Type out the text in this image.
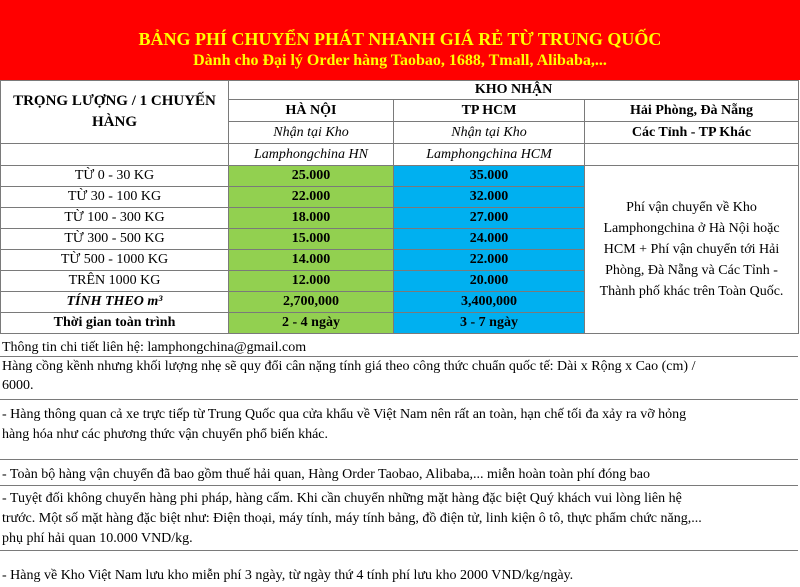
BẢNG PHÍ CHUYỂN PHÁT NHANH GIÁ RẺ TỪ TRUNG QUỐC
Dành cho Đại lý Order hàng Taobao, 1688, Tmall, Alibaba,...
TRỌNG LƯỢNG / 1 CHUYẾN HÀNG	KHO NHẬN		
	HÀ NỘI	TP HCM	Hải Phòng, Đà Nẵng
	Nhận tại Kho	Nhận tại Kho	Các Tỉnh - TP Khác
	Lamphongchina HN	Lamphongchina HCM	
TỪ 0 - 30 KG	25.000	35.000	Phí vận chuyển về Kho Lamphongchina ở Hà Nội hoặc HCM + Phí vận chuyển tới Hải Phòng, Đà Nẵng và Các Tỉnh - Thành phố khác trên Toàn Quốc.
TỪ 30 - 100 KG	22.000	32.000	
TỪ 100 - 300 KG	18.000	27.000	
TỪ 300 - 500 KG	15.000	24.000	
TỪ 500 - 1000 KG	14.000	22.000	
TRÊN 1000 KG	12.000	20.000	
TÍNH THEO m³	2,700,000	3,400,000	
Thời gian toàn trình	2 - 4 ngày	3 - 7 ngày	
Thông tin chi tiết liên hệ: lamphongchina@gmail.com
Hàng cồng kềnh nhưng khối lượng nhẹ sẽ quy đổi cân nặng tính giá theo công thức chuẩn quốc tế: Dài x Rộng x Cao (cm) /
6000.
- Hàng thông quan cả xe trực tiếp từ Trung Quốc qua cửa khẩu về Việt Nam nên rất an toàn, hạn chế tối đa xảy ra vỡ hỏng
hàng hóa như các phương thức vận chuyển phổ biến khác.
- Toàn bộ hàng vận chuyển đã bao gồm thuế hải quan, Hàng Order Taobao, Alibaba,... miễn hoàn toàn phí đóng bao
- Tuyệt đối không chuyển hàng phi pháp, hàng cấm. Khi cần chuyển những mặt hàng đặc biệt Quý khách vui lòng liên hệ
trước. Một số mặt hàng đặc biệt như: Điện thoại, máy tính, máy tính bảng, đồ điện tử, linh kiện ô tô, thực phẩm chức năng,...
phụ phí hải quan 10.000 VND/kg.
- Hàng về Kho Việt Nam lưu kho miễn phí 3 ngày, từ ngày thứ 4 tính phí lưu kho 2000 VND/kg/ngày.
